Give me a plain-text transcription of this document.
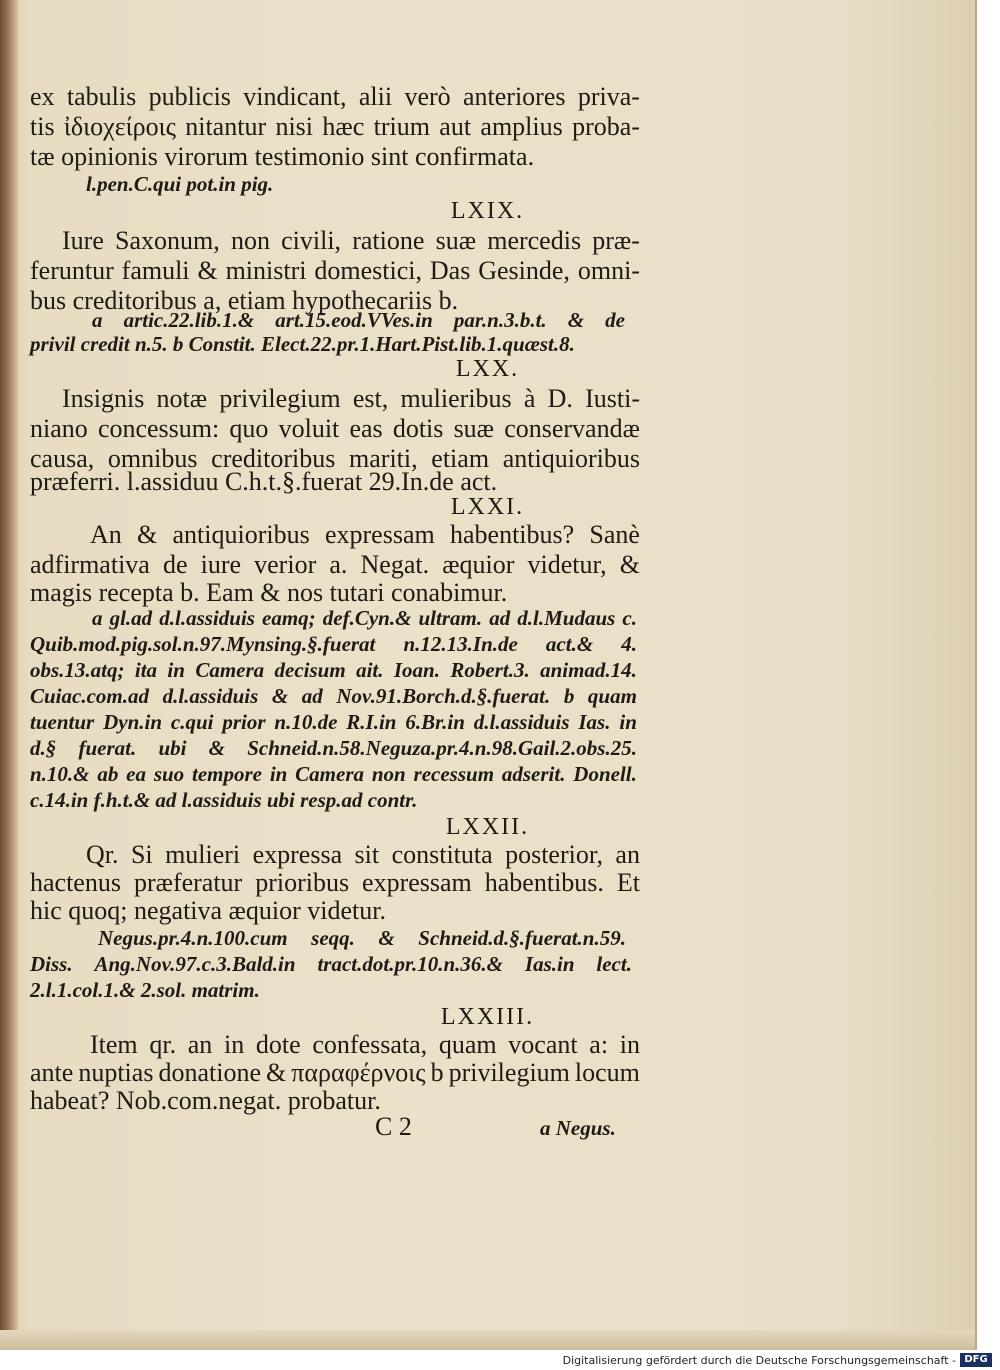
ex tabulis publicis vindicant, alii verò anteriores priva-
tis ἰδιοχείροις nitantur nisi hæc trium aut amplius proba-
tæ opinionis virorum testimonio sint confirmata.
l.pen.C.qui pot.in pig.
LXIX.
Iure Saxonum, non civili, ratione suæ mercedis præ-
feruntur famuli & ministri domestici, Das Gesinde, omni-
bus creditoribus a, etiam hypothecariis b.
a artic.22.lib.1.& art.15.eod.VVes.in par.n.3.b.t. & de
privil credit n.5. b Constit. Elect.22.pr.1.Hart.Pist.lib.1.quæst.8.
LXX.
Insignis notæ privilegium est, mulieribus à D. Iusti-
niano concessum: quo voluit eas dotis suæ conservandæ
causa, omnibus creditoribus mariti, etiam antiquioribus
præferri. l.assiduu C.h.t.§.fuerat 29.In.de act.
LXXI.
An & antiquioribus expressam habentibus? Sanè
adfirmativa de iure verior a. Negat. æquior videtur, &
magis recepta b. Eam & nos tutari conabimur.
a gl.ad d.l.assiduis eamq; def.Cyn.& ultram. ad d.l.Mudaus c.
Quib.mod.pig.sol.n.97.Mynsing.§.fuerat n.12.13.In.de act.& 4.
obs.13.atq; ita in Camera decisum ait. Ioan. Robert.3. animad.14.
Cuiac.com.ad d.l.assiduis & ad Nov.91.Borch.d.§.fuerat. b quam
tuentur Dyn.in c.qui prior n.10.de R.I.in 6.Br.in d.l.assiduis Ias. in
d.§ fuerat. ubi & Schneid.n.58.Neguza.pr.4.n.98.Gail.2.obs.25.
n.10.& ab ea suo tempore in Camera non recessum adserit. Donell.
c.14.in f.h.t.& ad l.assiduis ubi resp.ad contr.
LXXII.
Qr. Si mulieri expressa sit constituta posterior, an
hactenus præferatur prioribus expressam habentibus. Et
hic quoq; negativa æquior videtur.
Negus.pr.4.n.100.cum seqq. & Schneid.d.§.fuerat.n.59.
Diss. Ang.Nov.97.c.3.Bald.in tract.dot.pr.10.n.36.& Ias.in lect.
2.l.1.col.1.& 2.sol. matrim.
LXXIII.
Item qr. an in dote confessata, quam vocant a: in
ante nuptias donatione & παραφέρνοις b privilegium locum
habeat? Nob.com.negat. probatur.
C 2	a Negus.
Digitalisierung gefördert durch die Deutsche Forschungsgemeinschaft - DFG
